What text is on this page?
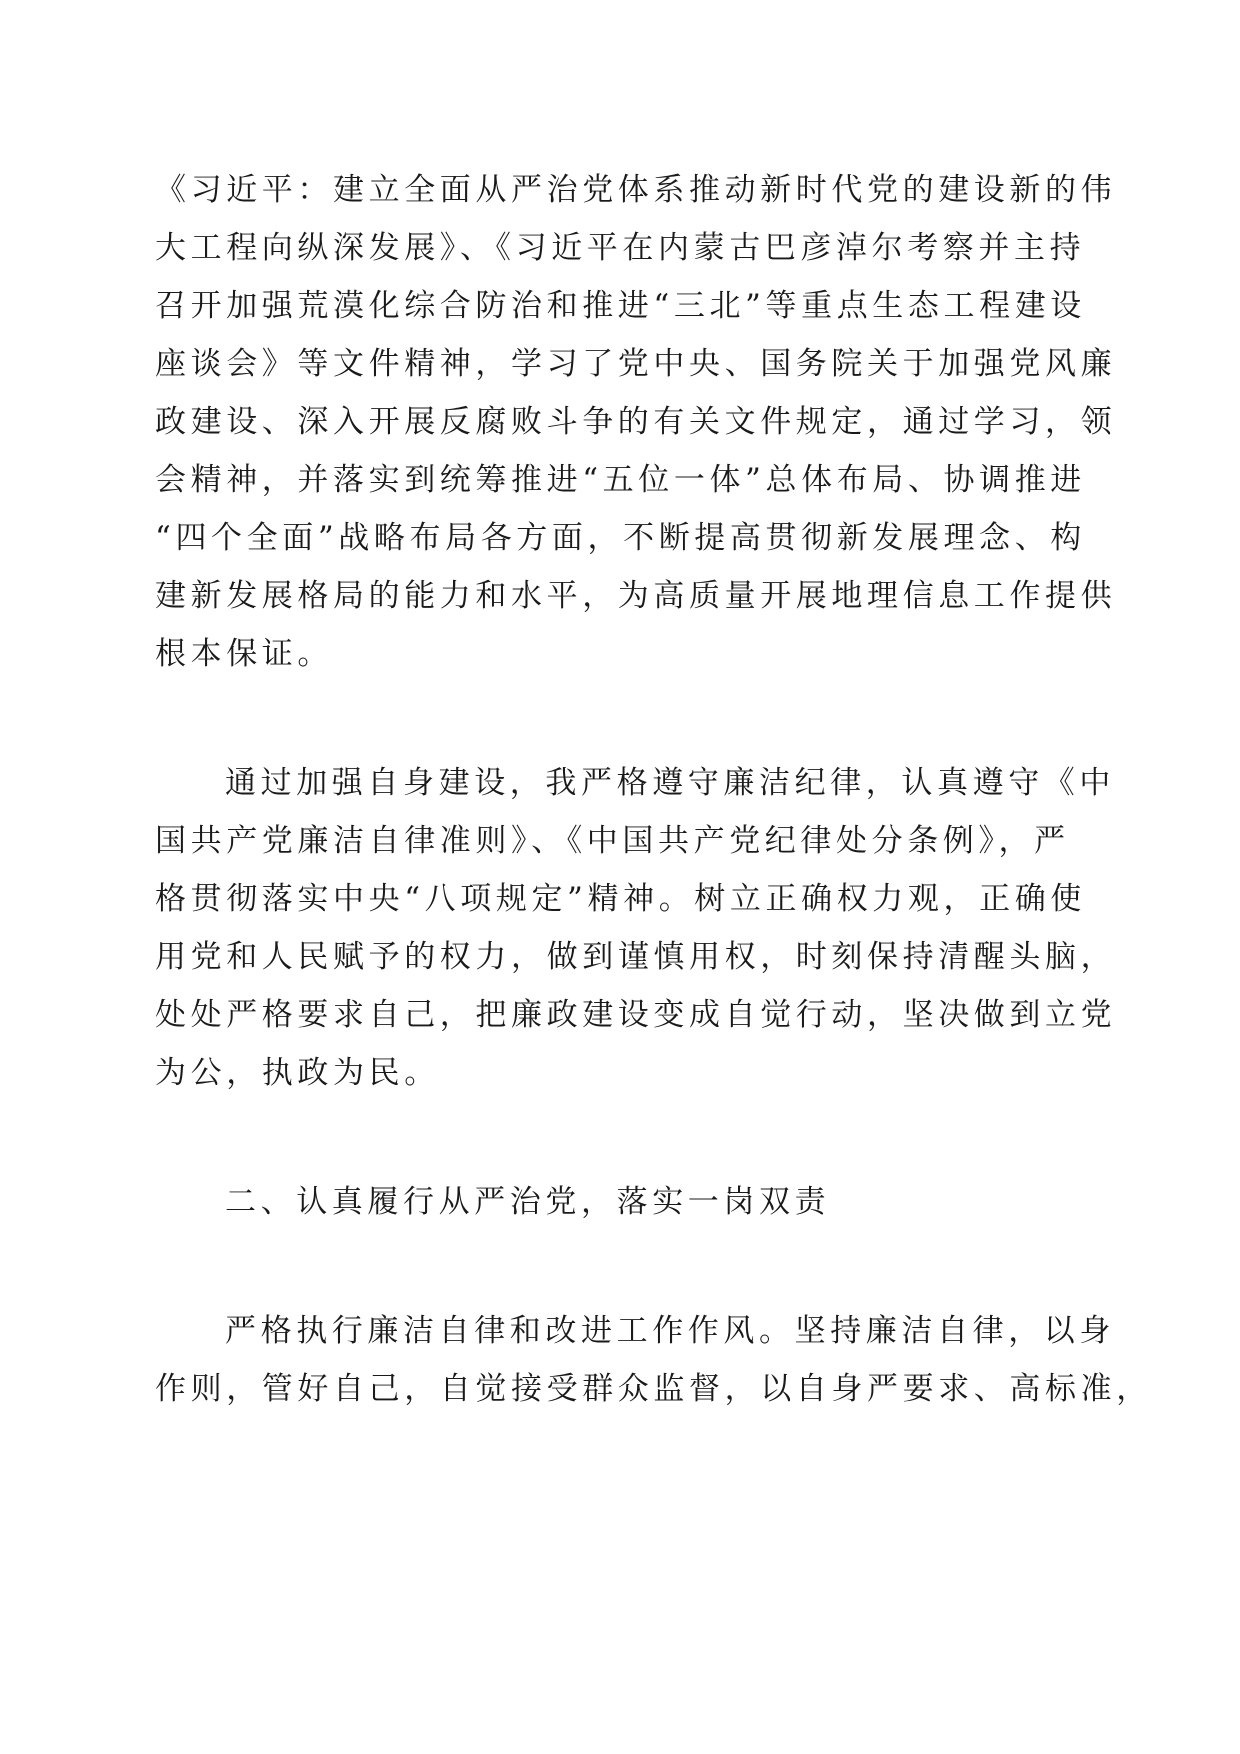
《习近平：建立全面从严治党体系推动新时代党的建设新的伟
大工程向纵深发展》、《习近平在内蒙古巴彦淖尔考察并主持
召开加强荒漠化综合防治和推进“三北”等重点生态工程建设
座谈会》等文件精神，学习了党中央、国务院关于加强党风廉
政建设、深入开展反腐败斗争的有关文件规定，通过学习，领
会精神，并落实到统筹推进“五位一体”总体布局、协调推进
“四个全面”战略布局各方面，不断提高贯彻新发展理念、构
建新发展格局的能力和水平，为高质量开展地理信息工作提供
根本保证。
通过加强自身建设，我严格遵守廉洁纪律，认真遵守《中
国共产党廉洁自律准则》、《中国共产党纪律处分条例》，严
格贯彻落实中央“八项规定”精神。树立正确权力观，正确使
用党和人民赋予的权力，做到谨慎用权，时刻保持清醒头脑，
处处严格要求自己，把廉政建设变成自觉行动，坚决做到立党
为公，执政为民。
二、认真履行从严治党，落实一岗双责
严格执行廉洁自律和改进工作作风。坚持廉洁自律，以身
作则，管好自己，自觉接受群众监督，以自身严要求、高标准，
